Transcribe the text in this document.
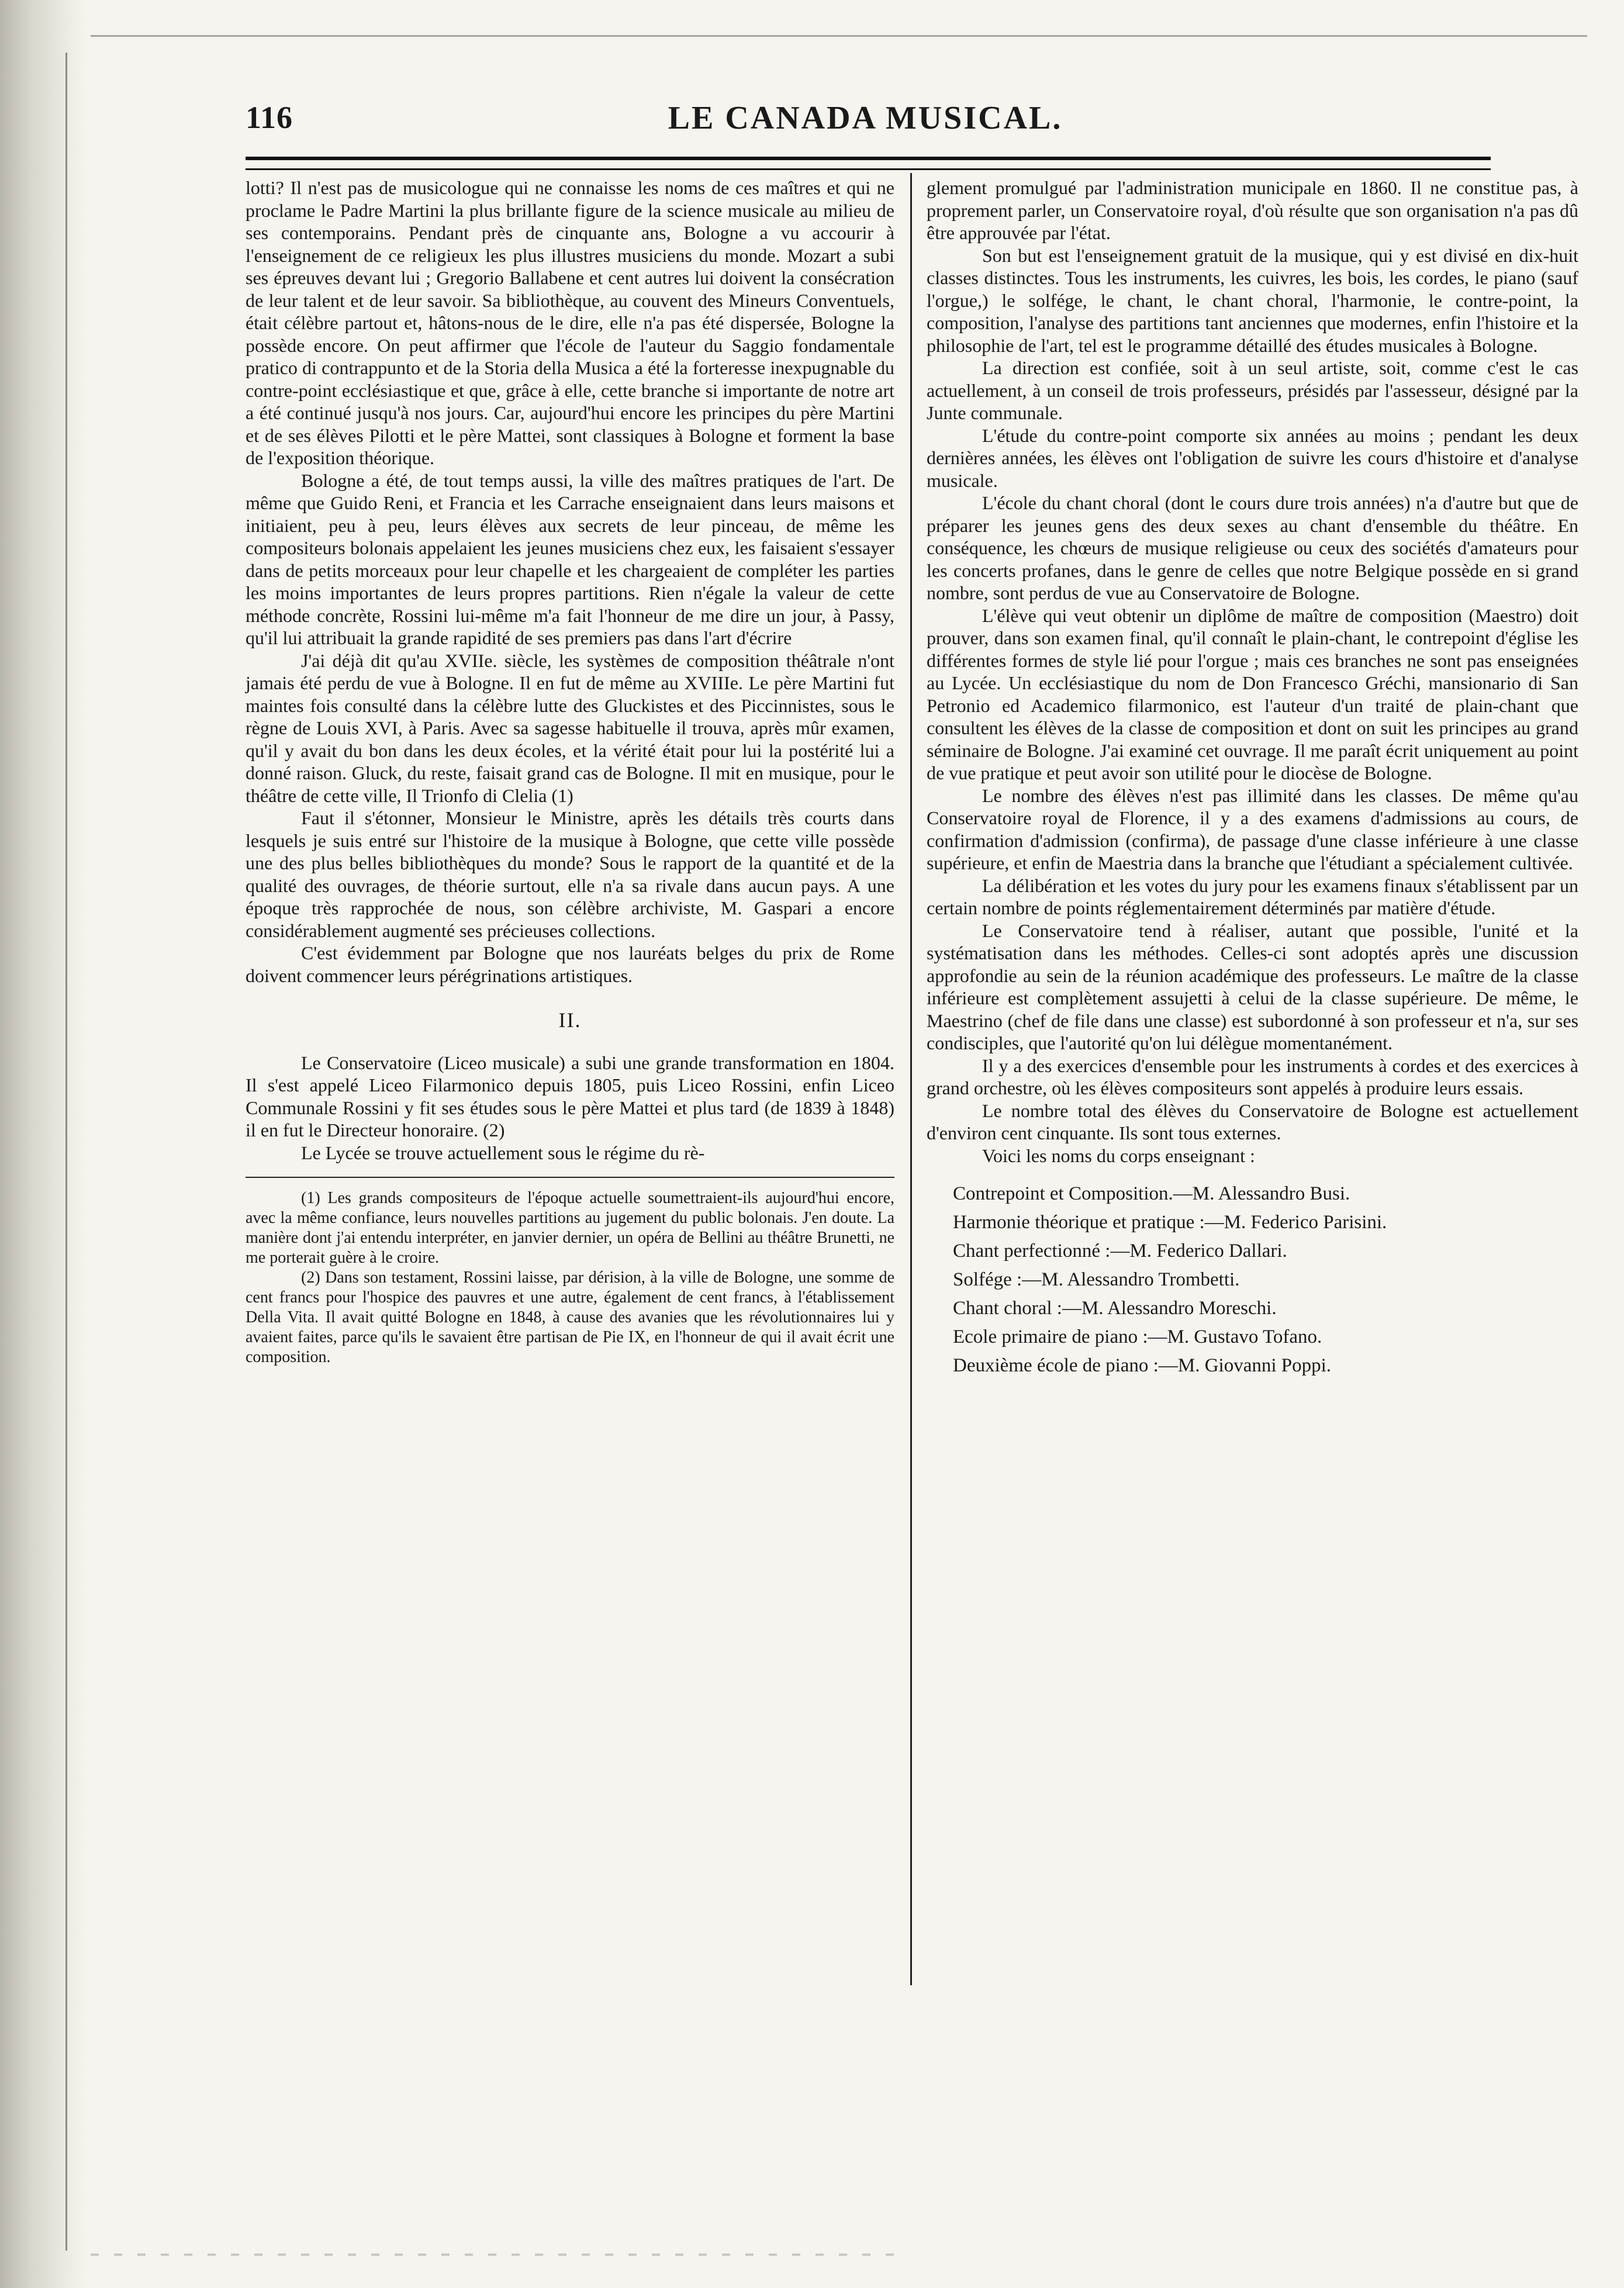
116	LE CANADA MUSICAL.

lotti? Il n'est pas de musicologue qui ne connaisse les noms de ces maîtres et qui ne proclame le Padre Martini la plus brillante figure de la science musicale au milieu de ses contemporains. Pendant près de cinquante ans, Bologne a vu accourir à l'enseignement de ce religieux les plus illustres musiciens du monde. Mozart a subi ses épreuves devant lui ; Gregorio Ballabene et cent autres lui doivent la consécration de leur talent et de leur savoir. Sa bibliothèque, au couvent des Mineurs Conventuels, était célèbre partout et, hâtons-nous de le dire, elle n'a pas été dispersée, Bologne la possède encore. On peut affirmer que l'école de l'auteur du Saggio fondamentale pratico di contrappunto et de la Storia della Musica a été la forteresse inexpugnable du contre-point ecclésiastique et que, grâce à elle, cette branche si importante de notre art a été continué jusqu'à nos jours. Car, aujourd'hui encore les principes du père Martini et de ses élèves Pilotti et le père Mattei, sont classiques à Bologne et forment la base de l'exposition théorique.

Bologne a été, de tout temps aussi, la ville des maîtres pratiques de l'art. De même que Guido Reni, et Francia et les Carrache enseignaient dans leurs maisons et initiaient, peu à peu, leurs élèves aux secrets de leur pinceau, de même les compositeurs bolonais appelaient les jeunes musiciens chez eux, les faisaient s'essayer dans de petits morceaux pour leur chapelle et les chargeaient de compléter les parties les moins importantes de leurs propres partitions. Rien n'égale la valeur de cette méthode concrète, Rossini lui-même m'a fait l'honneur de me dire un jour, à Passy, qu'il lui attribuait la grande rapidité de ses premiers pas dans l'art d'écrire

J'ai déjà dit qu'au XVIIe. siècle, les systèmes de composition théâtrale n'ont jamais été perdu de vue à Bologne. Il en fut de même au XVIIIe. Le père Martini fut maintes fois consulté dans la célèbre lutte des Gluckistes et des Piccinnistes, sous le règne de Louis XVI, à Paris. Avec sa sagesse habituelle il trouva, après mûr examen, qu'il y avait du bon dans les deux écoles, et la vérité était pour lui la postérité lui a donné raison. Gluck, du reste, faisait grand cas de Bologne. Il mit en musique, pour le théâtre de cette ville, Il Trionfo di Clelia (1)

Faut il s'étonner, Monsieur le Ministre, après les détails très courts dans lesquels je suis entré sur l'histoire de la musique à Bologne, que cette ville possède une des plus belles bibliothèques du monde? Sous le rapport de la quantité et de la qualité des ouvrages, de théorie surtout, elle n'a sa rivale dans aucun pays. A une époque très rapprochée de nous, son célèbre archiviste, M. Gaspari a encore considérablement augmenté ses précieuses collections.

C'est évidemment par Bologne que nos lauréats belges du prix de Rome doivent commencer leurs pérégrinations artistiques.

II.

Le Conservatoire (Liceo musicale) a subi une grande transformation en 1804. Il s'est appelé Liceo Filarmonico depuis 1805, puis Liceo Rossini, enfin Liceo Communale Rossini y fit ses études sous le père Mattei et plus tard (de 1839 à 1848) il en fut le Directeur honoraire. (2)

Le Lycée se trouve actuellement sous le régime du rè-

(1) Les grands compositeurs de l'époque actuelle soumettraient-ils aujourd'hui encore, avec la même confiance, leurs nouvelles partitions au jugement du public bolonais. J'en doute. La manière dont j'ai entendu interpréter, en janvier dernier, un opéra de Bellini au théâtre Brunetti, ne me porterait guère à le croire.

(2) Dans son testament, Rossini laisse, par dérision, à la ville de Bologne, une somme de cent francs pour l'hospice des pauvres et une autre, également de cent francs, à l'établissement Della Vita. Il avait quitté Bologne en 1848, à cause des avanies que les révolutionnaires lui y avaient faites, parce qu'ils le savaient être partisan de Pie IX, en l'honneur de qui il avait écrit une composition.

glement promulgué par l'administration municipale en 1860. Il ne constitue pas, à proprement parler, un Conservatoire royal, d'où résulte que son organisation n'a pas dû être approuvée par l'état.

Son but est l'enseignement gratuit de la musique, qui y est divisé en dix-huit classes distinctes. Tous les instruments, les cuivres, les bois, les cordes, le piano (sauf l'orgue,) le solfége, le chant, le chant choral, l'harmonie, le contre-point, la composition, l'analyse des partitions tant anciennes que modernes, enfin l'histoire et la philosophie de l'art, tel est le programme détaillé des études musicales à Bologne.

La direction est confiée, soit à un seul artiste, soit, comme c'est le cas actuellement, à un conseil de trois professeurs, présidés par l'assesseur, désigné par la Junte communale.

L'étude du contre-point comporte six années au moins ; pendant les deux dernières années, les élèves ont l'obligation de suivre les cours d'histoire et d'analyse musicale.

L'école du chant choral (dont le cours dure trois années) n'a d'autre but que de préparer les jeunes gens des deux sexes au chant d'ensemble du théâtre. En conséquence, les chœurs de musique religieuse ou ceux des sociétés d'amateurs pour les concerts profanes, dans le genre de celles que notre Belgique possède en si grand nombre, sont perdus de vue au Conservatoire de Bologne.

L'élève qui veut obtenir un diplôme de maître de composition (Maestro) doit prouver, dans son examen final, qu'il connaît le plain-chant, le contrepoint d'église les différentes formes de style lié pour l'orgue ; mais ces branches ne sont pas enseignées au Lycée. Un ecclésiastique du nom de Don Francesco Gréchi, mansionario di San Petronio ed Academico filarmonico, est l'auteur d'un traité de plain-chant que consultent les élèves de la classe de composition et dont on suit les principes au grand séminaire de Bologne. J'ai examiné cet ouvrage. Il me paraît écrit uniquement au point de vue pratique et peut avoir son utilité pour le diocèse de Bologne.

Le nombre des élèves n'est pas illimité dans les classes. De même qu'au Conservatoire royal de Florence, il y a des examens d'admissions au cours, de confirmation d'admission (confirma), de passage d'une classe inférieure à une classe supérieure, et enfin de Maestria dans la branche que l'étudiant a spécialement cultivée.

La délibération et les votes du jury pour les examens finaux s'établissent par un certain nombre de points réglementairement déterminés par matière d'étude.

Le Conservatoire tend à réaliser, autant que possible, l'unité et la systématisation dans les méthodes. Celles-ci sont adoptés après une discussion approfondie au sein de la réunion académique des professeurs. Le maître de la classe inférieure est complètement assujetti à celui de la classe supérieure. De même, le Maestrino (chef de file dans une classe) est subordonné à son professeur et n'a, sur ses condisciples, que l'autorité qu'on lui délègue momentanément.

Il y a des exercices d'ensemble pour les instruments à cordes et des exercices à grand orchestre, où les élèves compositeurs sont appelés à produire leurs essais.

Le nombre total des élèves du Conservatoire de Bologne est actuellement d'environ cent cinquante. Ils sont tous externes.

Voici les noms du corps enseignant :

Contrepoint et Composition.—M. Alessandro Busi.
Harmonie théorique et pratique :—M. Federico Parisini.
Chant perfectionné :—M. Federico Dallari.
Solfége :—M. Alessandro Trombetti.
Chant choral :—M. Alessandro Moreschi.
Ecole primaire de piano :—M. Gustavo Tofano.
Deuxième école de piano :—M. Giovanni Poppi.
